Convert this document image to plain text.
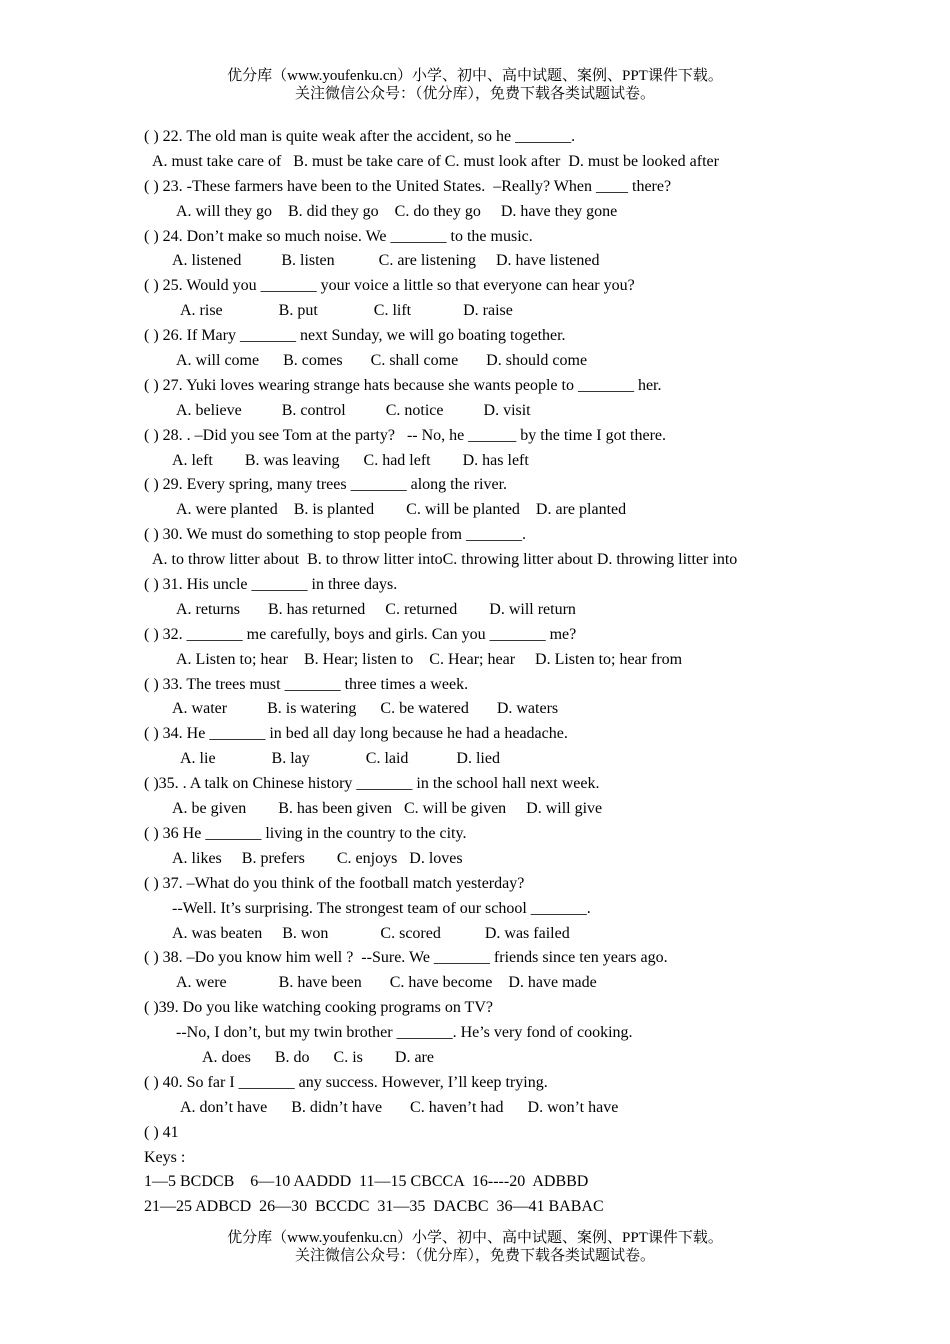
优分库（www.youfenku.cn）小学、初中、高中试题、案例、PPT课件下载。
关注微信公众号：（优分库），免费下载各类试题试卷。
( ) 22. The old man is quite weak after the accident, so he _______.
A. must take care of   B. must be take care of C. must look after  D. must be looked after
( ) 23. -These farmers have been to the United States.  –Really? When ____ there?
A. will they go    B. did they go    C. do they go     D. have they gone
( ) 24. Don’t make so much noise. We _______ to the music.
A. listened          B. listen           C. are listening     D. have listened
( ) 25. Would you _______ your voice a little so that everyone can hear you?
A. rise              B. put              C. lift             D. raise
( ) 26. If Mary _______ next Sunday, we will go boating together.
A. will come      B. comes       C. shall come       D. should come
( ) 27. Yuki loves wearing strange hats because she wants people to _______ her.
A. believe          B. control          C. notice          D. visit
( ) 28. . –Did you see Tom at the party?   -- No, he ______ by the time I got there.
A. left        B. was leaving      C. had left        D. has left
( ) 29. Every spring, many trees _______ along the river.
A. were planted    B. is planted        C. will be planted    D. are planted
( ) 30. We must do something to stop people from _______.
A. to throw litter about  B. to throw litter intoC. throwing litter about D. throwing litter into
( ) 31. His uncle _______ in three days.
A. returns       B. has returned     C. returned        D. will return
( ) 32. _______ me carefully, boys and girls. Can you _______ me?
A. Listen to; hear    B. Hear; listen to    C. Hear; hear     D. Listen to; hear from
( ) 33. The trees must _______ three times a week.
A. water          B. is watering      C. be watered       D. waters
( ) 34. He _______ in bed all day long because he had a headache.
A. lie              B. lay              C. laid            D. lied
( )35. . A talk on Chinese history _______ in the school hall next week.
A. be given        B. has been given   C. will be given     D. will give
( ) 36 He _______ living in the country to the city.
A. likes     B. prefers        C. enjoys   D. loves
( ) 37. –What do you think of the football match yesterday?
--Well. It’s surprising. The strongest team of our school _______.
A. was beaten     B. won             C. scored           D. was failed
( ) 38. –Do you know him well ?  --Sure. We _______ friends since ten years ago.
A. were             B. have been       C. have become    D. have made
( )39. Do you like watching cooking programs on TV?
--No, I don’t, but my twin brother _______. He’s very fond of cooking.
A. does      B. do      C. is        D. are
( ) 40. So far I _______ any success. However, I’ll keep trying.
A. don’t have      B. didn’t have       C. haven’t had      D. won’t have
( ) 41
Keys :
1—5 BCDCB    6—10 AADDD  11—15 CBCCA  16----20  ADBBD
21—25 ADBCD  26—30  BCCDC  31—35  DACBC  36—41 BABAC
优分库（www.youfenku.cn）小学、初中、高中试题、案例、PPT课件下载。
关注微信公众号：（优分库），免费下载各类试题试卷。
